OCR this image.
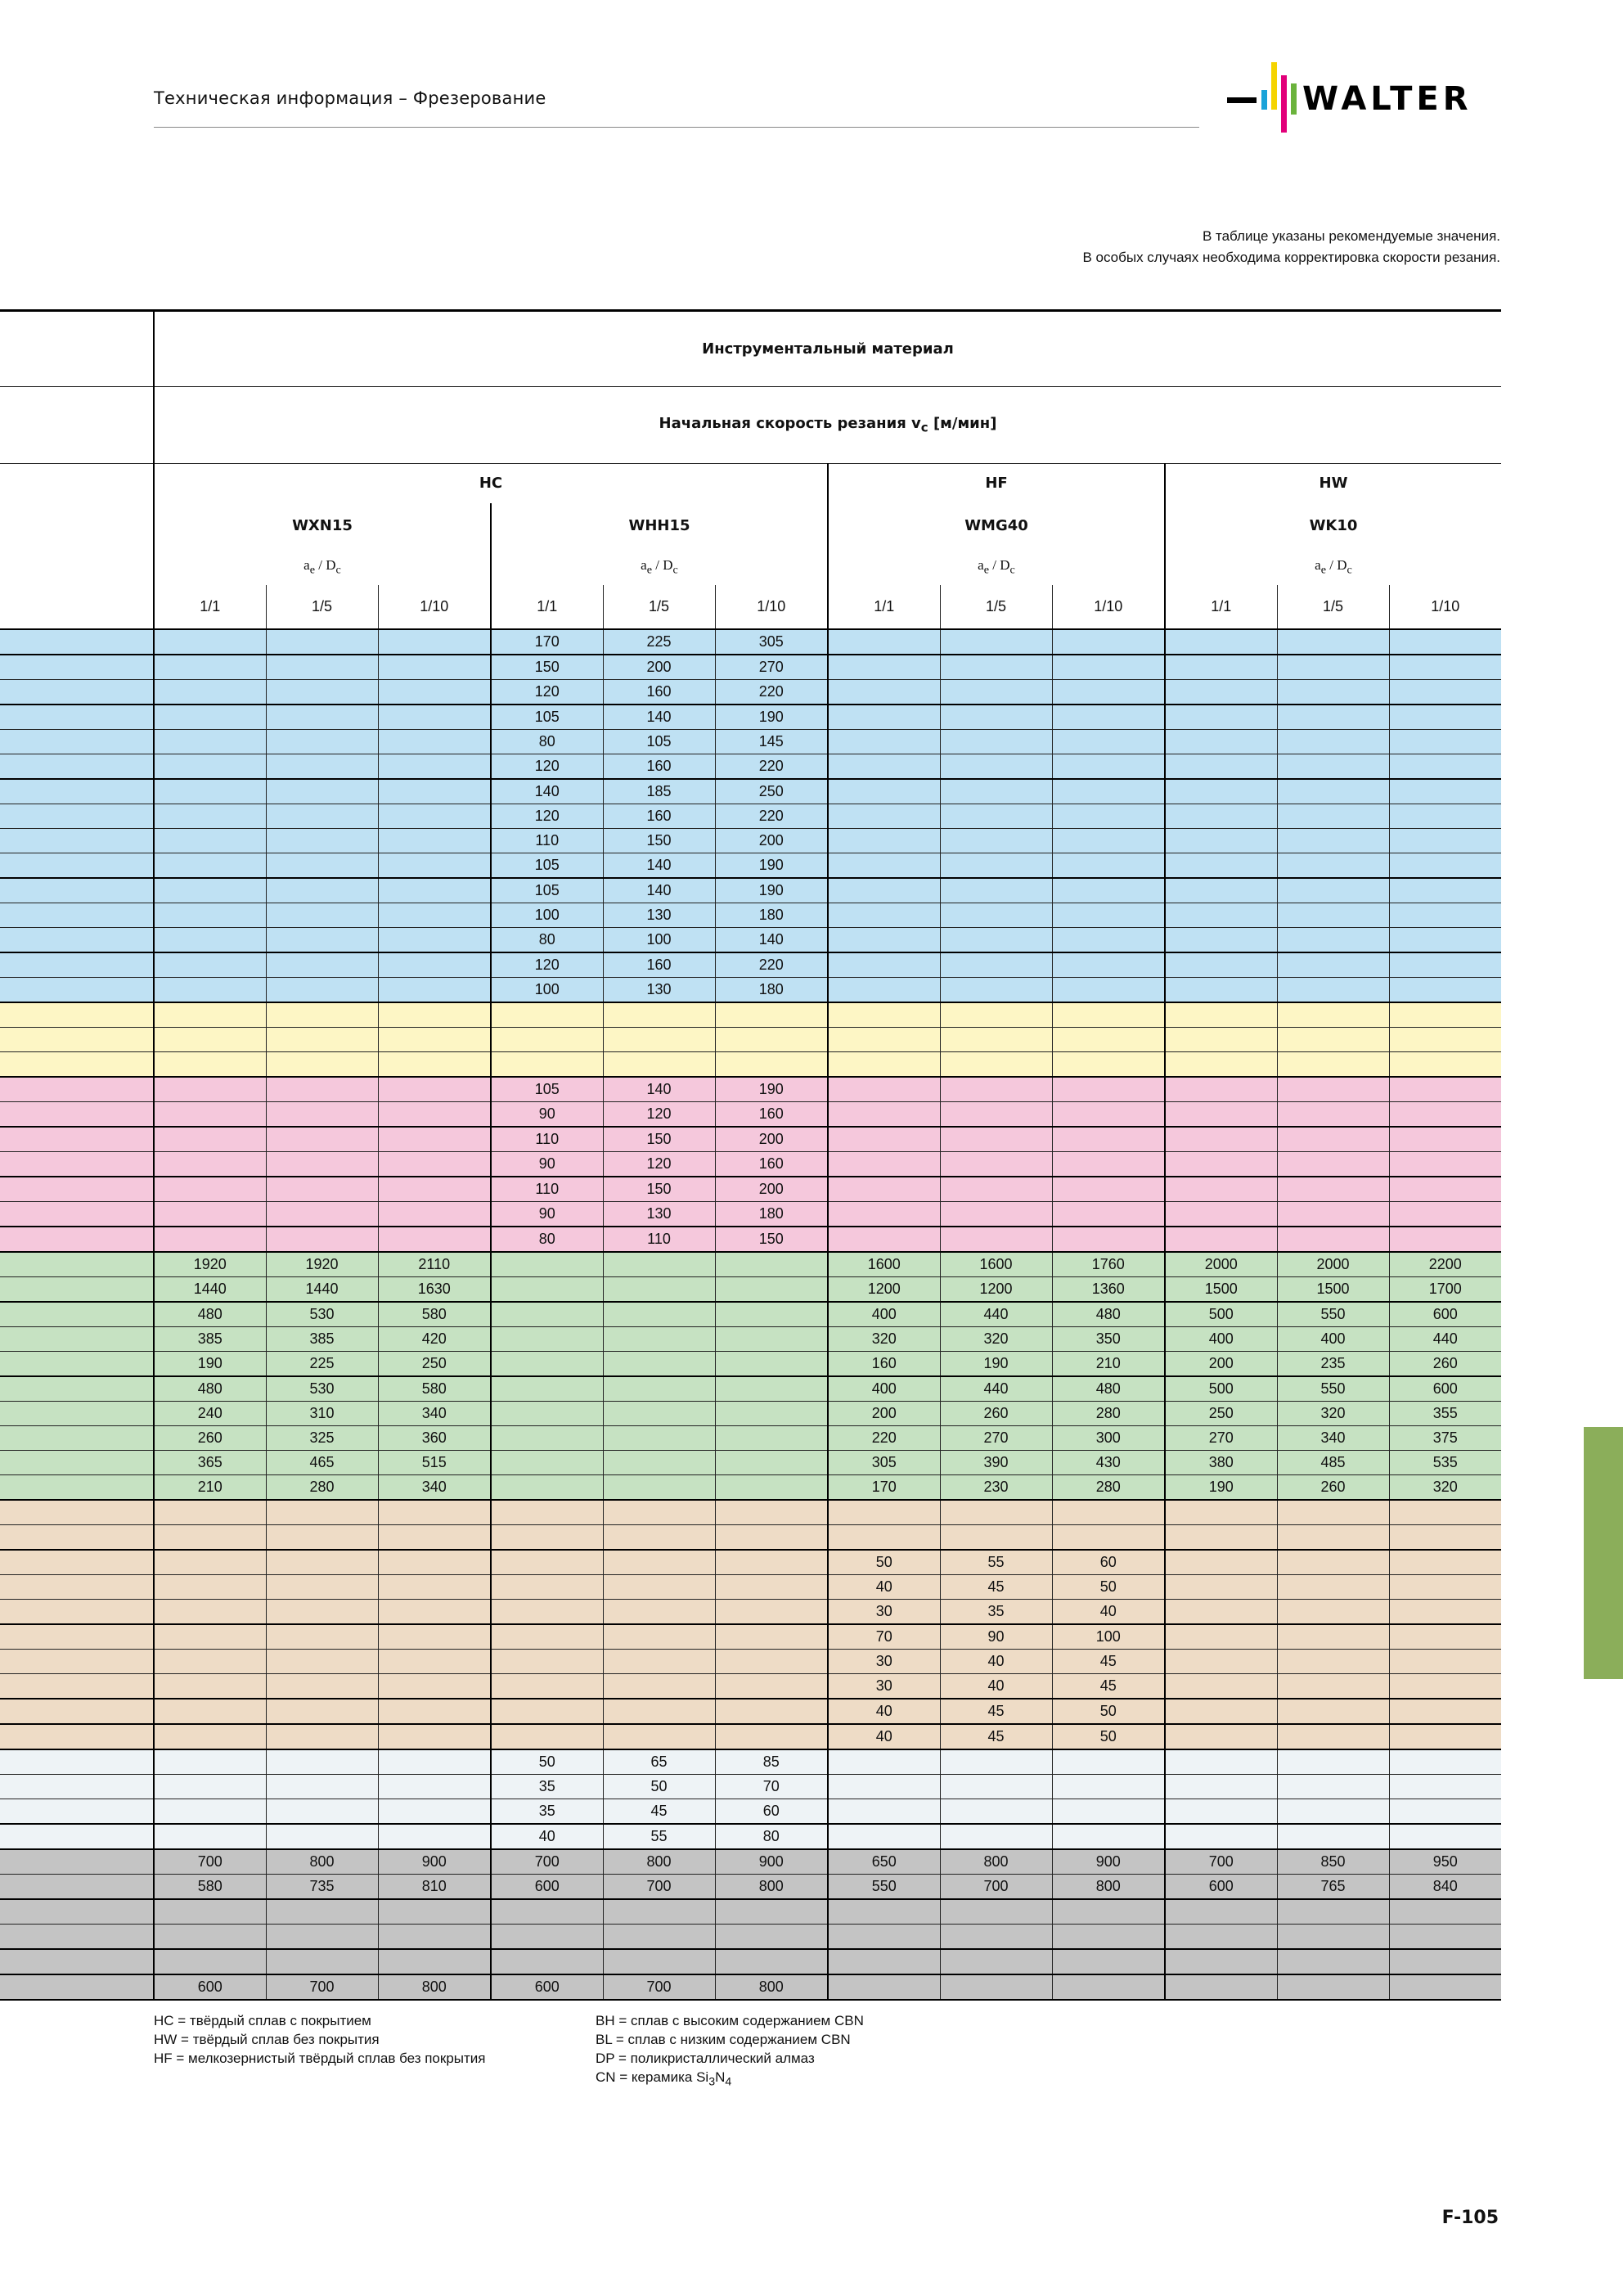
Техническая информация – Фрезерование	WALTER
В таблице указаны рекомендуемые значения.
В особых случаях необходима корректировка скорости резания.
	Инструментальный материал											
	Начальная скорость резания $v_c$ [м/мин]											
	HC						HF			HW		
	WXN15			WHH15			WMG40			WK10		
	$a_e / D_c$			$a_e / D_c$			$a_e / D_c$			$a_e / D_c$
	1/1	1/5	1/10	1/1	1/5	1/10	1/1	1/5	1/10	1/1	1/5	1/10
				170	225	305						
				150	200	270						
				120	160	220						
				105	140	190						
				80	105	145						
				120	160	220						
				140	185	250						
				120	160	220						
				110	150	200						
				105	140	190						
				105	140	190						
				100	130	180						
				80	100	140						
				120	160	220						
				100	130	180						

				105	140	190						
				90	120	160						
				110	150	200						
				90	120	160						
				110	150	200						
				90	130	180						
				80	110	150						
	1920	1920	2110				1600	1600	1760	2000	2000	2200
	1440	1440	1630				1200	1200	1360	1500	1500	1700
	480	530	580				400	440	480	500	550	600
	385	385	420				320	320	350	400	400	440
	190	225	250				160	190	210	200	235	260
	480	530	580				400	440	480	500	550	600
	240	310	340				200	260	280	250	320	355
	260	325	360				220	270	300	270	340	375
	365	465	515				305	390	430	380	485	535
	210	280	340				170	230	280	190	260	320

							50	55	60			
							40	45	50			
							30	35	40			
							70	90	100			
							30	40	45			
							30	40	45			
							40	45	50			
							40	45	50			
				50	65	85						
				35	50	70						
				35	45	60						
				40	55	80						
	700	800	900	700	800	900	650	800	900	700	850	950
	580	735	810	600	700	800	550	700	800	600	765	840

	600	700	800	600	700	800						
HC = твёрдый сплав с покрытием
HW = твёрдый сплав без покрытия
HF = мелкозернистый твёрдый сплав без покрытия
BH = сплав с высоким содержанием CBN
BL = сплав с низким содержанием CBN
DP = поликристаллический алмаз
CN = керамика $Si_3N_4$
F-105
